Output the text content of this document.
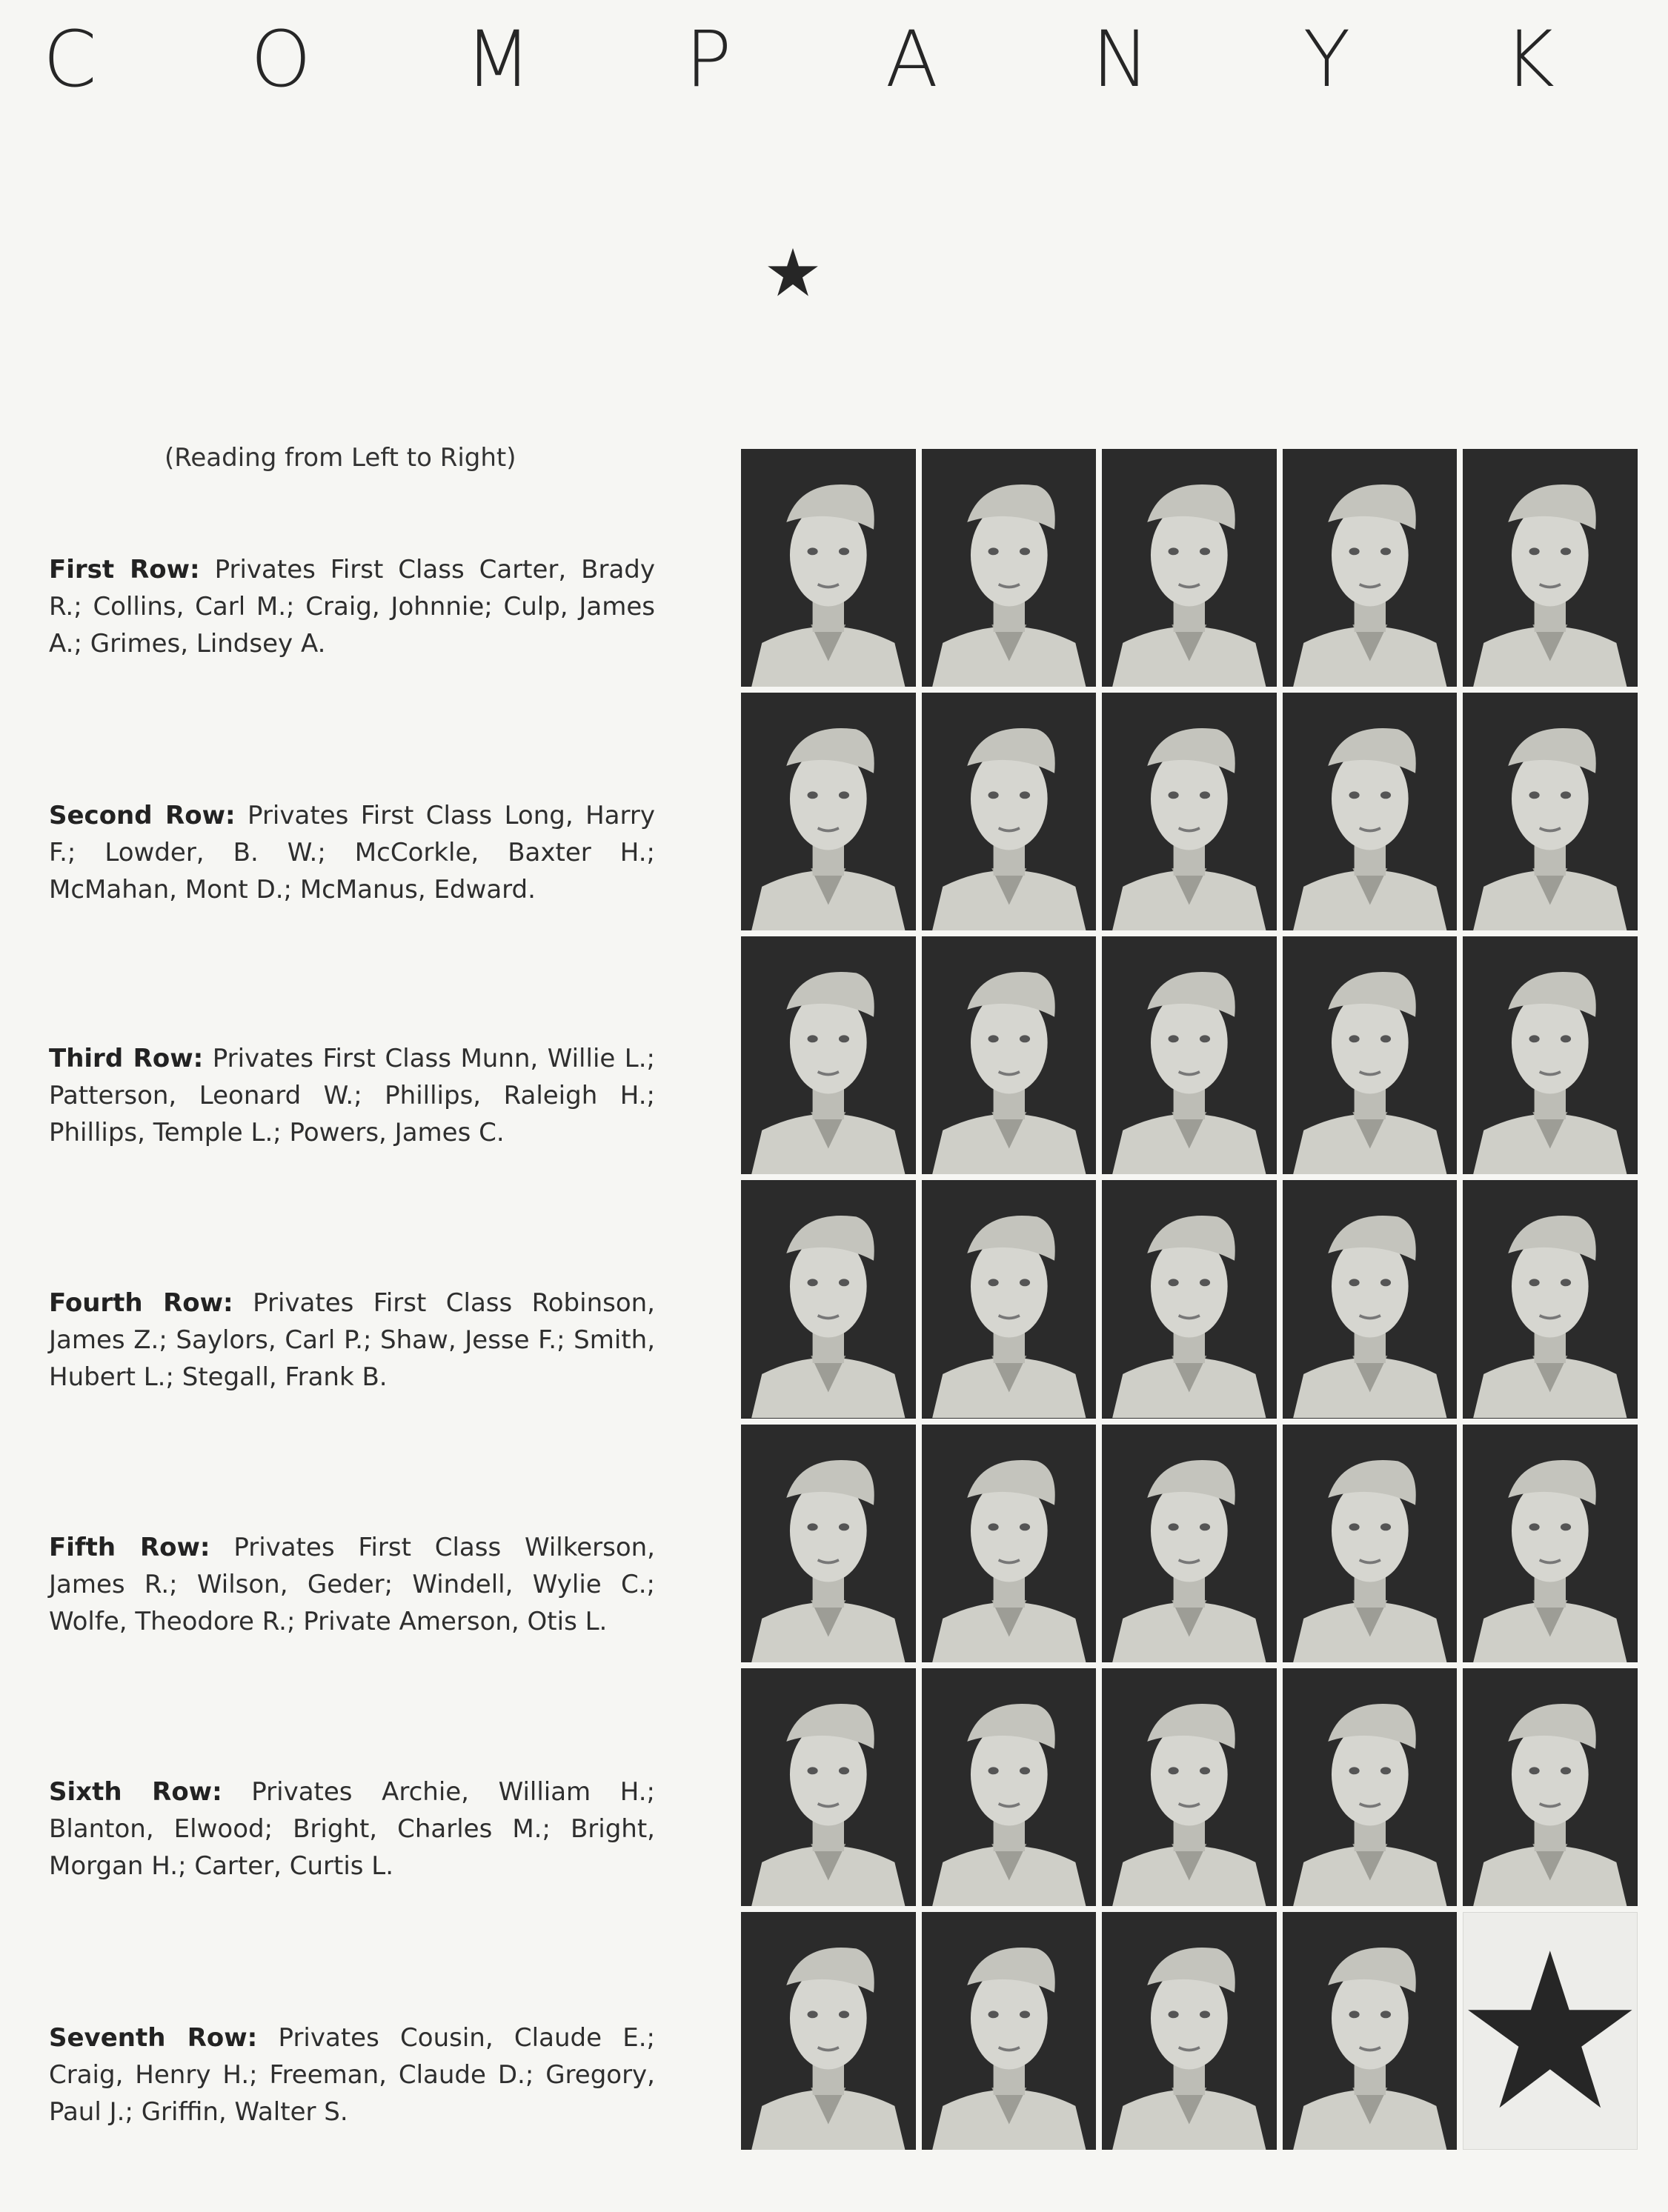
C O M P A N Y K
(Reading from Left to Right)
First Row: Privates First Class Carter, Brady R.; Collins, Carl M.; Craig, Johnnie; Culp, James A.; Grimes, Lindsey A.
Second Row: Privates First Class Long, Harry F.; Lowder, B. W.; McCorkle, Baxter H.; McMahan, Mont D.; McManus, Edward.
Third Row: Privates First Class Munn, Willie L.; Patterson, Leonard W.; Phillips, Raleigh H.; Phillips, Temple L.; Powers, James C.
Fourth Row: Privates First Class Robinson, James Z.; Saylors, Carl P.; Shaw, Jesse F.; Smith, Hubert L.; Stegall, Frank B.
Fifth Row: Privates First Class Wilkerson, James R.; Wilson, Geder; Windell, Wylie C.; Wolfe, Theodore R.; Private Amerson, Otis L.
Sixth Row: Privates Archie, William H.; Blanton, Elwood; Bright, Charles M.; Bright, Morgan H.; Carter, Curtis L.
Seventh Row: Privates Cousin, Claude E.; Craig, Henry H.; Freeman, Claude D.; Gregory, Paul J.; Griffin, Walter S.
